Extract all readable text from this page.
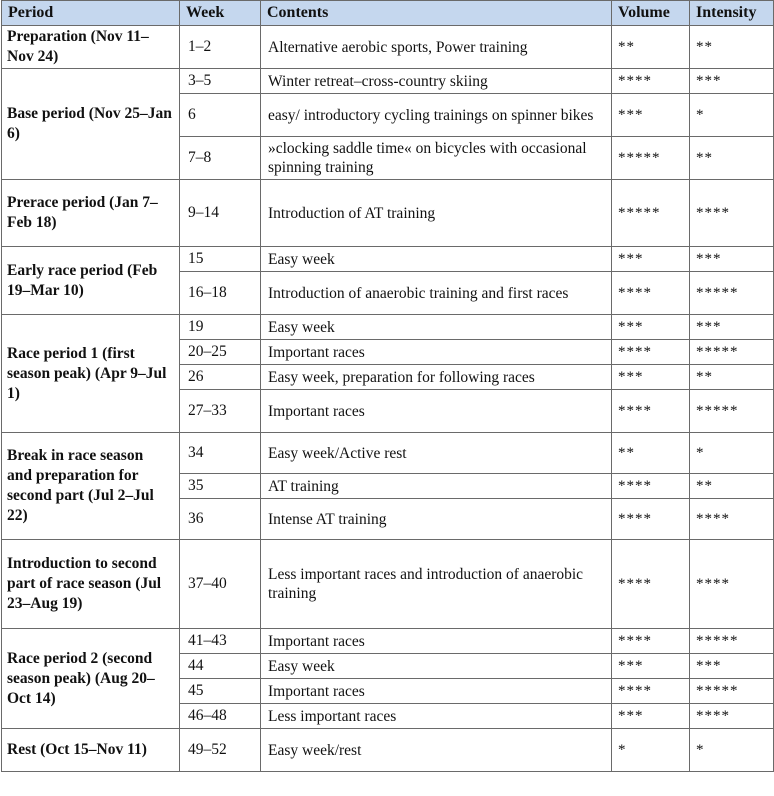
Period	Week	Contents	Volume	Intensity
Preparation (Nov 11–Nov 24)	1–2	Alternative aerobic sports, Power training	**	**
Base period (Nov 25–Jan 6)	3–5	Winter retreat–cross-country skiing	****	***
	6	easy/ introductory cycling trainings on spinner bikes	***	*
	7–8	»clocking saddle time« on bicycles with occasional spinning training	*****	**
Prerace period (Jan 7–Feb 18)	9–14	Introduction of AT training	*****	****
Early race period (Feb 19–Mar 10)	15	Easy week	***	***
	16–18	Introduction of anaerobic training and first races	****	*****
Race period 1 (first season peak) (Apr 9–Jul 1)	19	Easy week	***	***
	20–25	Important races	****	*****
	26	Easy week, preparation for following races	***	**
	27–33	Important races	****	*****
Break in race season and preparation for second part (Jul 2–Jul 22)	34	Easy week/Active rest	**	*
	35	AT training	****	**
	36	Intense AT training	****	****
Introduction to second part of race season (Jul 23–Aug 19)	37–40	Less important races and introduction of anaerobic training	****	****
Race period 2 (second season peak) (Aug 20–Oct 14)	41–43	Important races	****	*****
	44	Easy week	***	***
	45	Important races	****	*****
	46–48	Less important races	***	****
Rest (Oct 15–Nov 11)	49–52	Easy week/rest	*	*
